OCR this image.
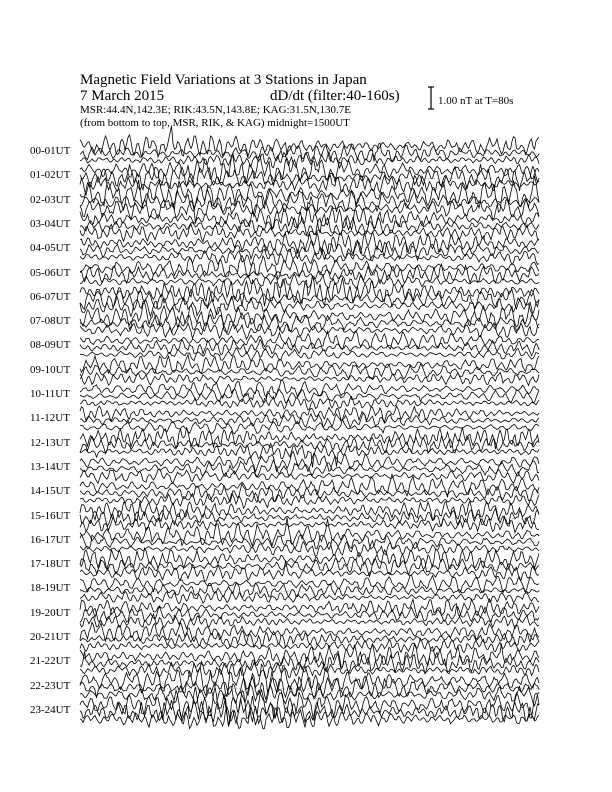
Magnetic Field Variations at 3 Stations in Japan
7 March 2015	dD/dt (filter:40-160s)
MSR:44.4N,142.3E; RIK:43.5N,143.8E; KAG:31.5N,130.7E
(from bottom to top, MSR, RIK, & KAG) midnight=1500UT
1.00 nT at T=80s
00-01UT
01-02UT
02-03UT
03-04UT
04-05UT
05-06UT
06-07UT
07-08UT
08-09UT
09-10UT
10-11UT
11-12UT
12-13UT
13-14UT
14-15UT
15-16UT
16-17UT
17-18UT
18-19UT
19-20UT
20-21UT
21-22UT
22-23UT
23-24UT
